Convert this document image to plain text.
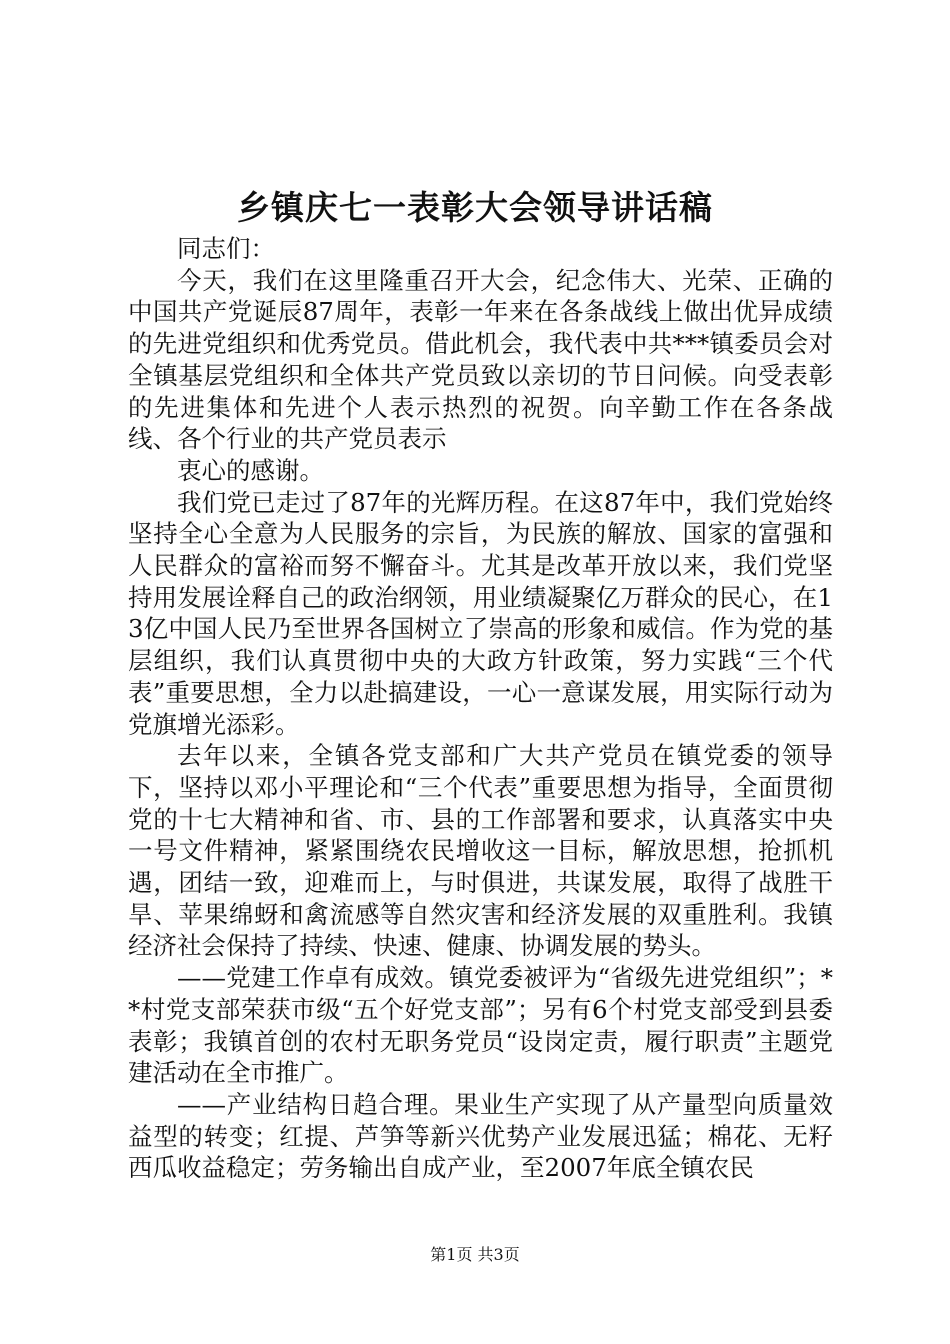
乡镇庆七一表彰大会领导讲话稿

同志们：

今天，我们在这里隆重召开大会，纪念伟大、光荣、正确的中国共产党诞辰87周年，表彰一年来在各条战线上做出优异成绩的先进党组织和优秀党员。借此机会，我代表中共***镇委员会对全镇基层党组织和全体共产党员致以亲切的节日问候。向受表彰的先进集体和先进个人表示热烈的祝贺。向辛勤工作在各条战线、各个行业的共产党员表示

衷心的感谢。

我们党已走过了87年的光辉历程。在这87年中，我们党始终坚持全心全意为人民服务的宗旨，为民族的解放、国家的富强和人民群众的富裕而努不懈奋斗。尤其是改革开放以来，我们党坚持用发展诠释自己的政治纲领，用业绩凝聚亿万群众的民心，在13亿中国人民乃至世界各国树立了崇高的形象和威信。作为党的基层组织，我们认真贯彻中央的大政方针政策，努力实践“三个代表”重要思想，全力以赴搞建设，一心一意谋发展，用实际行动为党旗增光添彩。

去年以来，全镇各党支部和广大共产党员在镇党委的领导下，坚持以邓小平理论和“三个代表”重要思想为指导，全面贯彻党的十七大精神和省、市、县的工作部署和要求，认真落实中央一号文件精神，紧紧围绕农民增收这一目标，解放思想，抢抓机遇，团结一致，迎难而上，与时俱进，共谋发展，取得了战胜干旱、苹果绵蚜和禽流感等自然灾害和经济发展的双重胜利。我镇经济社会保持了持续、快速、健康、协调发展的势头。

——党建工作卓有成效。镇党委被评为“省级先进党组织”；**村党支部荣获市级“五个好党支部”；另有6个村党支部受到县委表彰；我镇首创的农村无职务党员“设岗定责，履行职责”主题党建活动在全市推广。

——产业结构日趋合理。果业生产实现了从产量型向质量效益型的转变；红提、芦笋等新兴优势产业发展迅猛；棉花、无籽西瓜收益稳定；劳务输出自成产业，至2007年底全镇农民

第1页 共3页
